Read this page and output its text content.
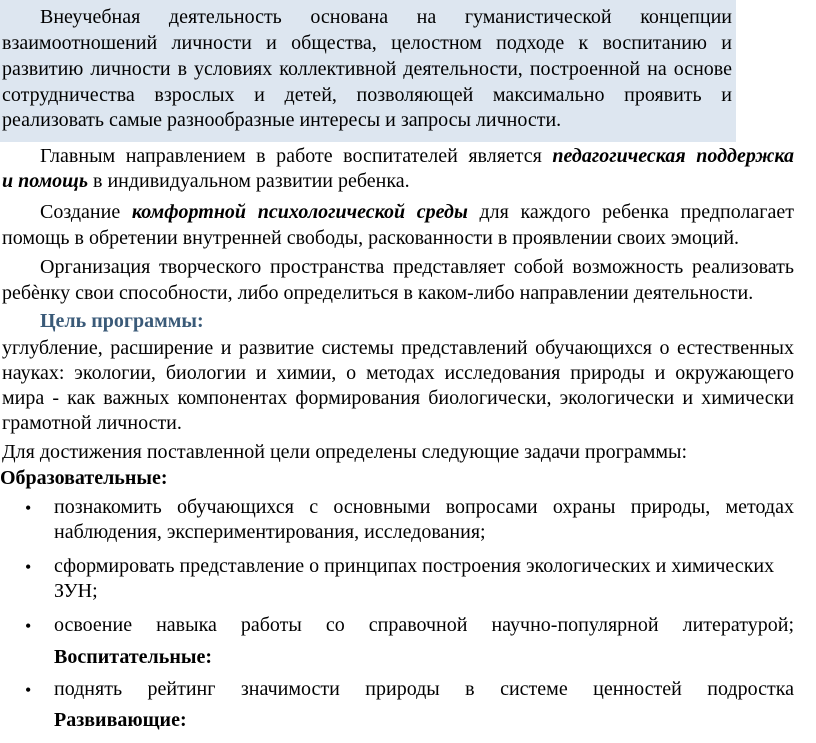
Внеучебная деятельность основана на гуманистической концепции
взаимоотношений личности и общества, целостном подходе к воспитанию и
развитию личности в условиях коллективной деятельности, построенной на основе
сотрудничества взрослых и детей, позволяющей максимально проявить и
реализовать самые разнообразные интересы и запросы личности.
Главным направлением в работе воспитателей является педагогическая поддержка
и помощь в индивидуальном развитии ребенка.
Создание комфортной психологической среды для каждого ребенка предполагает
помощь в обретении внутренней свободы, раскованности в проявлении своих эмоций.
Организация творческого пространства представляет собой возможность реализовать
ребѐнку свои способности, либо определиться в каком-либо направлении деятельности.
Цель программы:
углубление, расширение и развитие системы представлений обучающихся о естественных
науках: экологии, биологии и химии, о методах исследования природы и окружающего
мира - как важных компонентах формирования биологически, экологически и химически
грамотной личности.
Для достижения поставленной цели определены следующие задачи программы:
Образовательные:
• познакомить обучающихся с основными вопросами охраны природы, методах
наблюдения, экспериментирования, исследования;
• сформировать представление о принципах построения экологических и химических
ЗУН;
• освоение навыка работы со справочной научно-популярной литературой;
Воспитательные:
• поднять рейтинг значимости природы в системе ценностей подростка
Развивающие:
